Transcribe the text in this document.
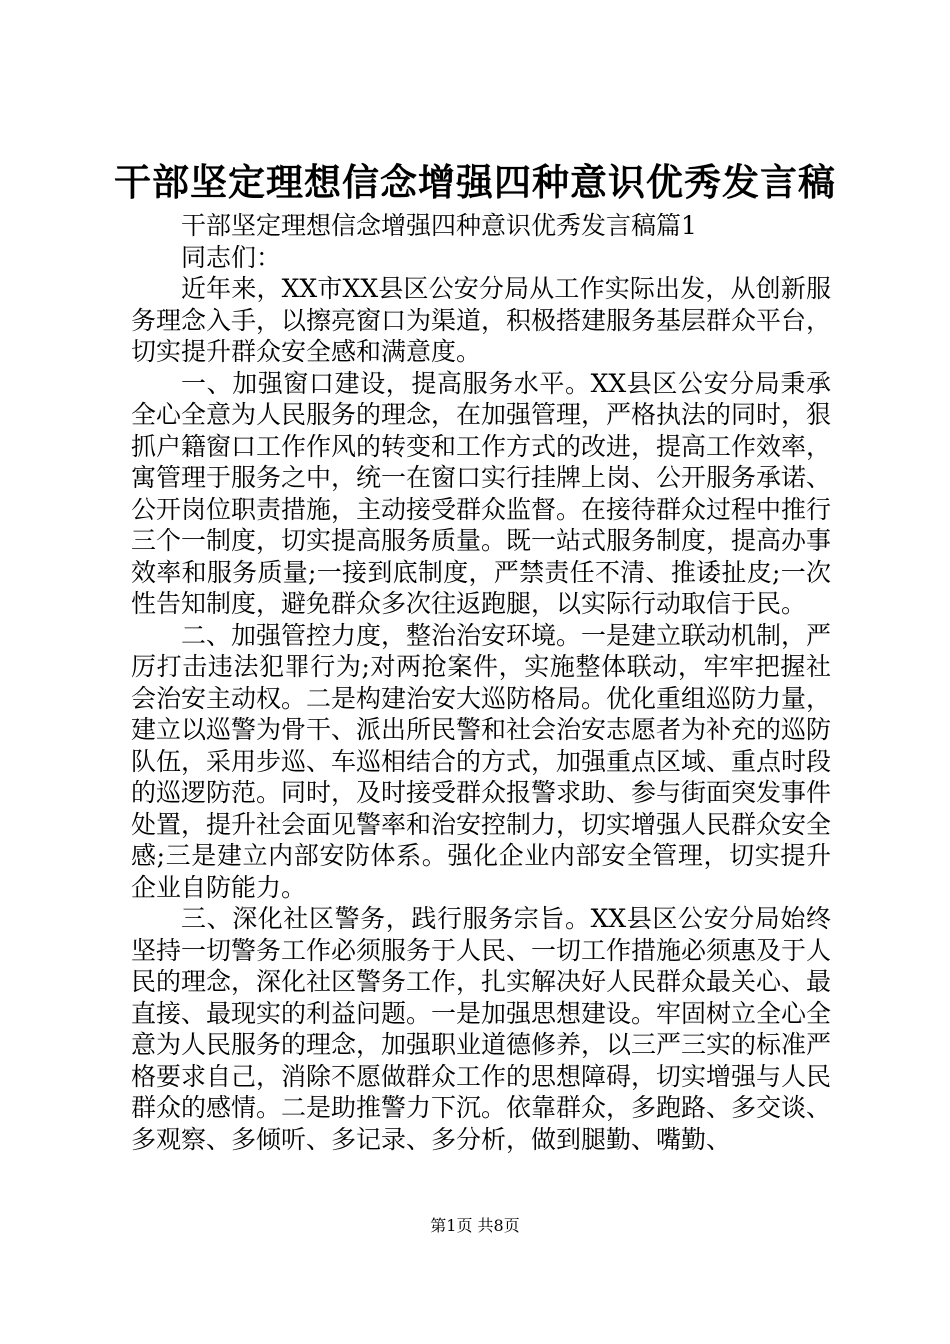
干部坚定理想信念增强四种意识优秀发言稿

干部坚定理想信念增强四种意识优秀发言稿篇1

同志们：

近年来，XX市XX县区公安分局从工作实际出发，从创新服务理念入手，以擦亮窗口为渠道，积极搭建服务基层群众平台，切实提升群众安全感和满意度。

一、加强窗口建设，提高服务水平。XX县区公安分局秉承全心全意为人民服务的理念，在加强管理，严格执法的同时，狠抓户籍窗口工作作风的转变和工作方式的改进，提高工作效率，寓管理于服务之中，统一在窗口实行挂牌上岗、公开服务承诺、公开岗位职责措施，主动接受群众监督。在接待群众过程中推行三个一制度，切实提高服务质量。既一站式服务制度，提高办事效率和服务质量;一接到底制度，严禁责任不清、推诿扯皮;一次性告知制度，避免群众多次往返跑腿，以实际行动取信于民。

二、加强管控力度，整治治安环境。一是建立联动机制，严厉打击违法犯罪行为;对两抢案件，实施整体联动，牢牢把握社会治安主动权。二是构建治安大巡防格局。优化重组巡防力量，建立以巡警为骨干、派出所民警和社会治安志愿者为补充的巡防队伍，采用步巡、车巡相结合的方式，加强重点区域、重点时段的巡逻防范。同时，及时接受群众报警求助、参与街面突发事件处置，提升社会面见警率和治安控制力，切实增强人民群众安全感;三是建立内部安防体系。强化企业内部安全管理，切实提升企业自防能力。

三、深化社区警务，践行服务宗旨。XX县区公安分局始终坚持一切警务工作必须服务于人民、一切工作措施必须惠及于人民的理念，深化社区警务工作，扎实解决好人民群众最关心、最直接、最现实的利益问题。一是加强思想建设。牢固树立全心全意为人民服务的理念，加强职业道德修养，以三严三实的标准严格要求自己，消除不愿做群众工作的思想障碍，切实增强与人民群众的感情。二是助推警力下沉。依靠群众，多跑路、多交谈、多观察、多倾听、多记录、多分析，做到腿勤、嘴勤、

第1页 共8页
